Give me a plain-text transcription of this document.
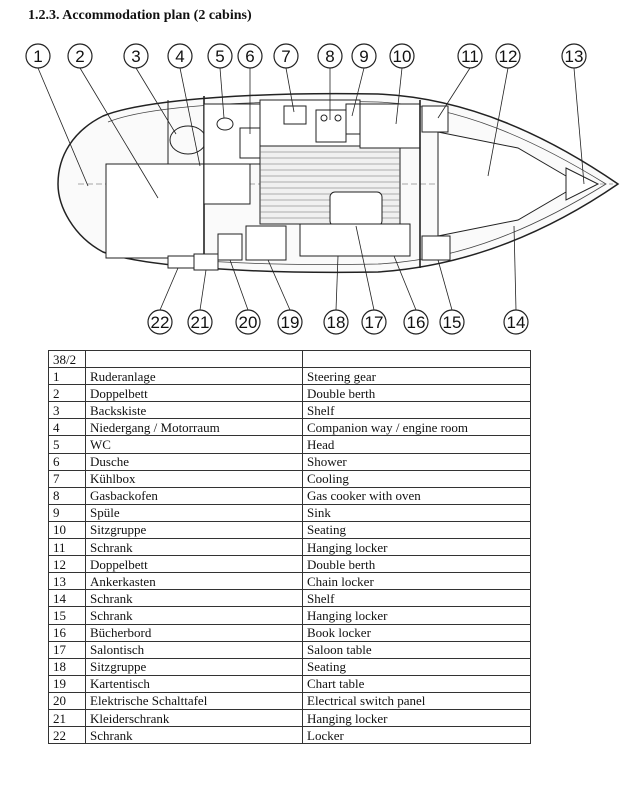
1.2.3. Accommodation plan (2 cabins)
1 2	3 4 5 6 7 8 9 10	11 12	13
22 21 20 19 18 17 16 15	14
38/2		
1	Ruderanlage	Steering gear
2	Doppelbett	Double berth
3	Backskiste	Shelf
4	Niedergang / Motorraum	Companion way / engine room
5	WC	Head
6	Dusche	Shower
7	Kühlbox	Cooling
8	Gasbackofen	Gas cooker with oven
9	Spüle	Sink
10	Sitzgruppe	Seating
11	Schrank	Hanging locker
12	Doppelbett	Double berth
13	Ankerkasten	Chain locker
14	Schrank	Shelf
15	Schrank	Hanging locker
16	Bücherbord	Book locker
17	Salontisch	Saloon table
18	Sitzgruppe	Seating
19	Kartentisch	Chart table
20	Elektrische Schalttafel	Electrical switch panel
21	Kleiderschrank	Hanging locker
22	Schrank	Locker
